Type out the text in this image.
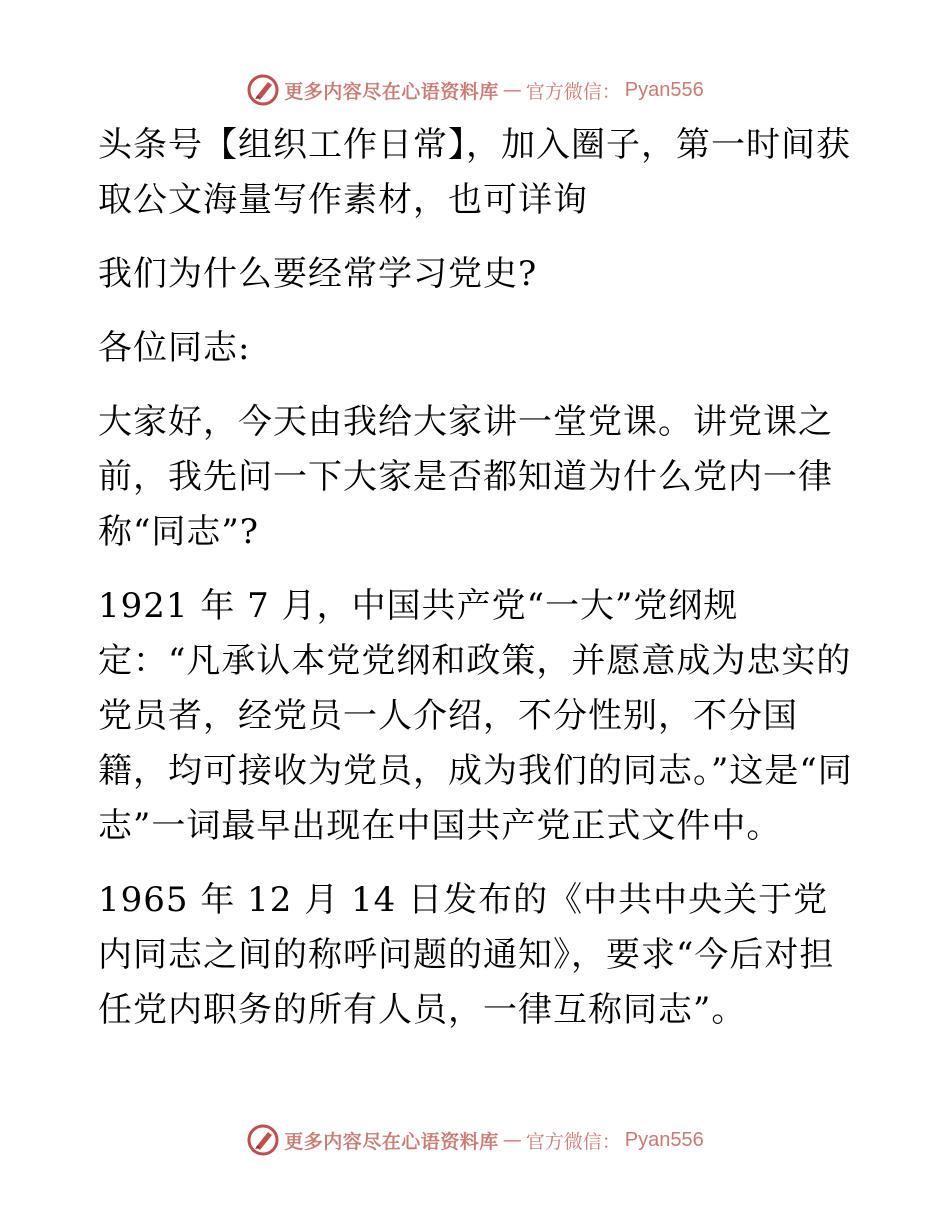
更多内容尽在心语资料库 — 官方微信： Pyan556

头条号【组织工作日常】，加入圈子，第一时间获取公文海量写作素材，也可详询

我们为什么要经常学习党史?

各位同志:

大家好，今天由我给大家讲一堂党课。讲党课之前，我先问一下大家是否都知道为什么党内一律称“同志”?

1921 年 7 月，中国共产党“一大”党纲规定：“凡承认本党党纲和政策，并愿意成为忠实的党员者，经党员一人介绍，不分性别，不分国籍，均可接收为党员，成为我们的同志。”这是“同志”一词最早出现在中国共产党正式文件中。

1965 年 12 月 14 日发布的《中共中央关于党内同志之间的称呼问题的通知》，要求“今后对担任党内职务的所有人员，一律互称同志”。

更多内容尽在心语资料库 — 官方微信： Pyan556
